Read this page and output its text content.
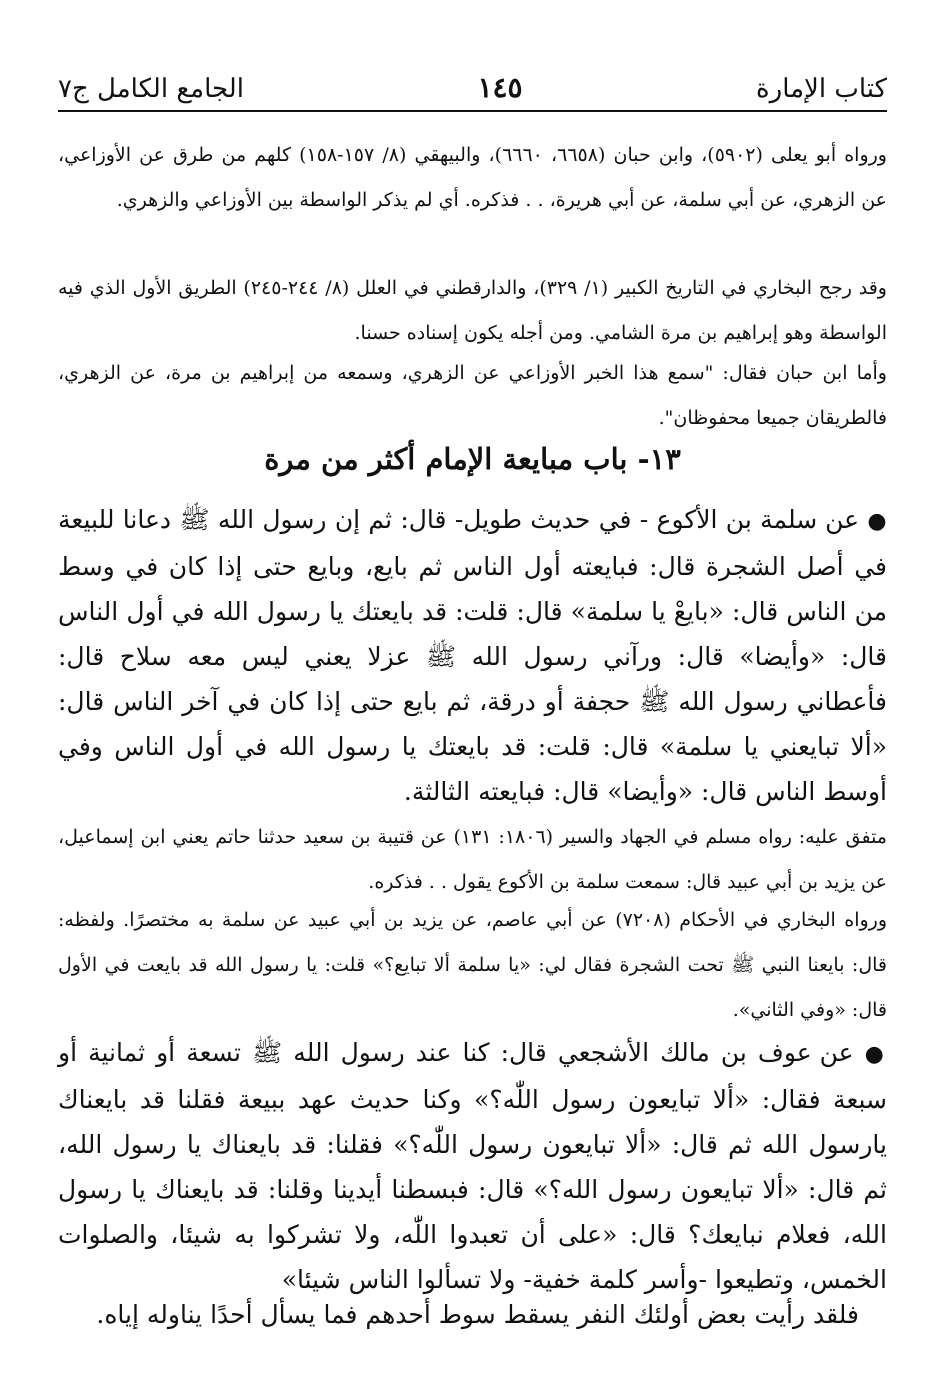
كتاب الإمارة
١٤٥
الجامع الكامل ج٧

ورواه أبو يعلى (٥٩٠٢)، وابن حبان (٦٦٥٨، ٦٦٦٠)، والبيهقي (٨/ ١٥٧-١٥٨) كلهم من طرق عن الأوزاعي، عن الزهري، عن أبي سلمة، عن أبي هريرة، . . فذكره. أي لم يذكر الواسطة بين الأوزاعي والزهري.

وقد رجح البخاري في التاريخ الكبير (١/ ٣٢٩)، والدارقطني في العلل (٨/ ٢٤٤-٢٤٥) الطريق الأول الذي فيه الواسطة وهو إبراهيم بن مرة الشامي. ومن أجله يكون إسناده حسنا.

وأما ابن حبان فقال: "سمع هذا الخبر الأوزاعي عن الزهري، وسمعه من إبراهيم بن مرة، عن الزهري، فالطريقان جميعا محفوظان".

١٣- باب مبايعة الإمام أكثر من مرة

● عن سلمة بن الأكوع - في حديث طويل- قال: ثم إن رسول الله ﷺ دعانا للبيعة في أصل الشجرة قال: فبايعته أول الناس ثم بايع، وبايع حتى إذا كان في وسط من الناس قال: «بايعْ يا سلمة» قال: قلت: قد بايعتك يا رسول الله في أول الناس قال: «وأيضا» قال: ورآني رسول الله ﷺ عزلا يعني ليس معه سلاح قال: فأعطاني رسول الله ﷺ حجفة أو درقة، ثم بايع حتى إذا كان في آخر الناس قال: «ألا تبايعني يا سلمة» قال: قلت: قد بايعتك يا رسول الله في أول الناس وفي أوسط الناس قال: «وأيضا» قال: فبايعته الثالثة.

متفق عليه: رواه مسلم في الجهاد والسير (١٨٠٦: ١٣١) عن قتيبة بن سعيد حدثنا حاتم يعني ابن إسماعيل، عن يزيد بن أبي عبيد قال: سمعت سلمة بن الأكوع يقول . . فذكره.

ورواه البخاري في الأحكام (٧٢٠٨) عن أبي عاصم، عن يزيد بن أبي عبيد عن سلمة به مختصرًا. ولفظه: قال: بايعنا النبي ﷺ تحت الشجرة فقال لي: «يا سلمة ألا تبايع؟» قلت: يا رسول الله قد بايعت في الأول قال: «وفي الثاني».

● عن عوف بن مالك الأشجعي قال: كنا عند رسول الله ﷺ تسعة أو ثمانية أو سبعة فقال: «ألا تبايعون رسول اللّٰه؟» وكنا حديث عهد ببيعة فقلنا قد بايعناك يارسول الله ثم قال: «ألا تبايعون رسول اللّٰه؟» فقلنا: قد بايعناك يا رسول الله، ثم قال: «ألا تبايعون رسول الله؟» قال: فبسطنا أيدينا وقلنا: قد بايعناك يا رسول الله، فعلام نبايعك؟ قال: «على أن تعبدوا اللّٰه، ولا تشركوا به شيئا، والصلوات الخمس، وتطيعوا -وأسر كلمة خفية- ولا تسألوا الناس شيئا»

فلقد رأيت بعض أولئك النفر يسقط سوط أحدهم فما يسأل أحدًا يناوله إياه.
